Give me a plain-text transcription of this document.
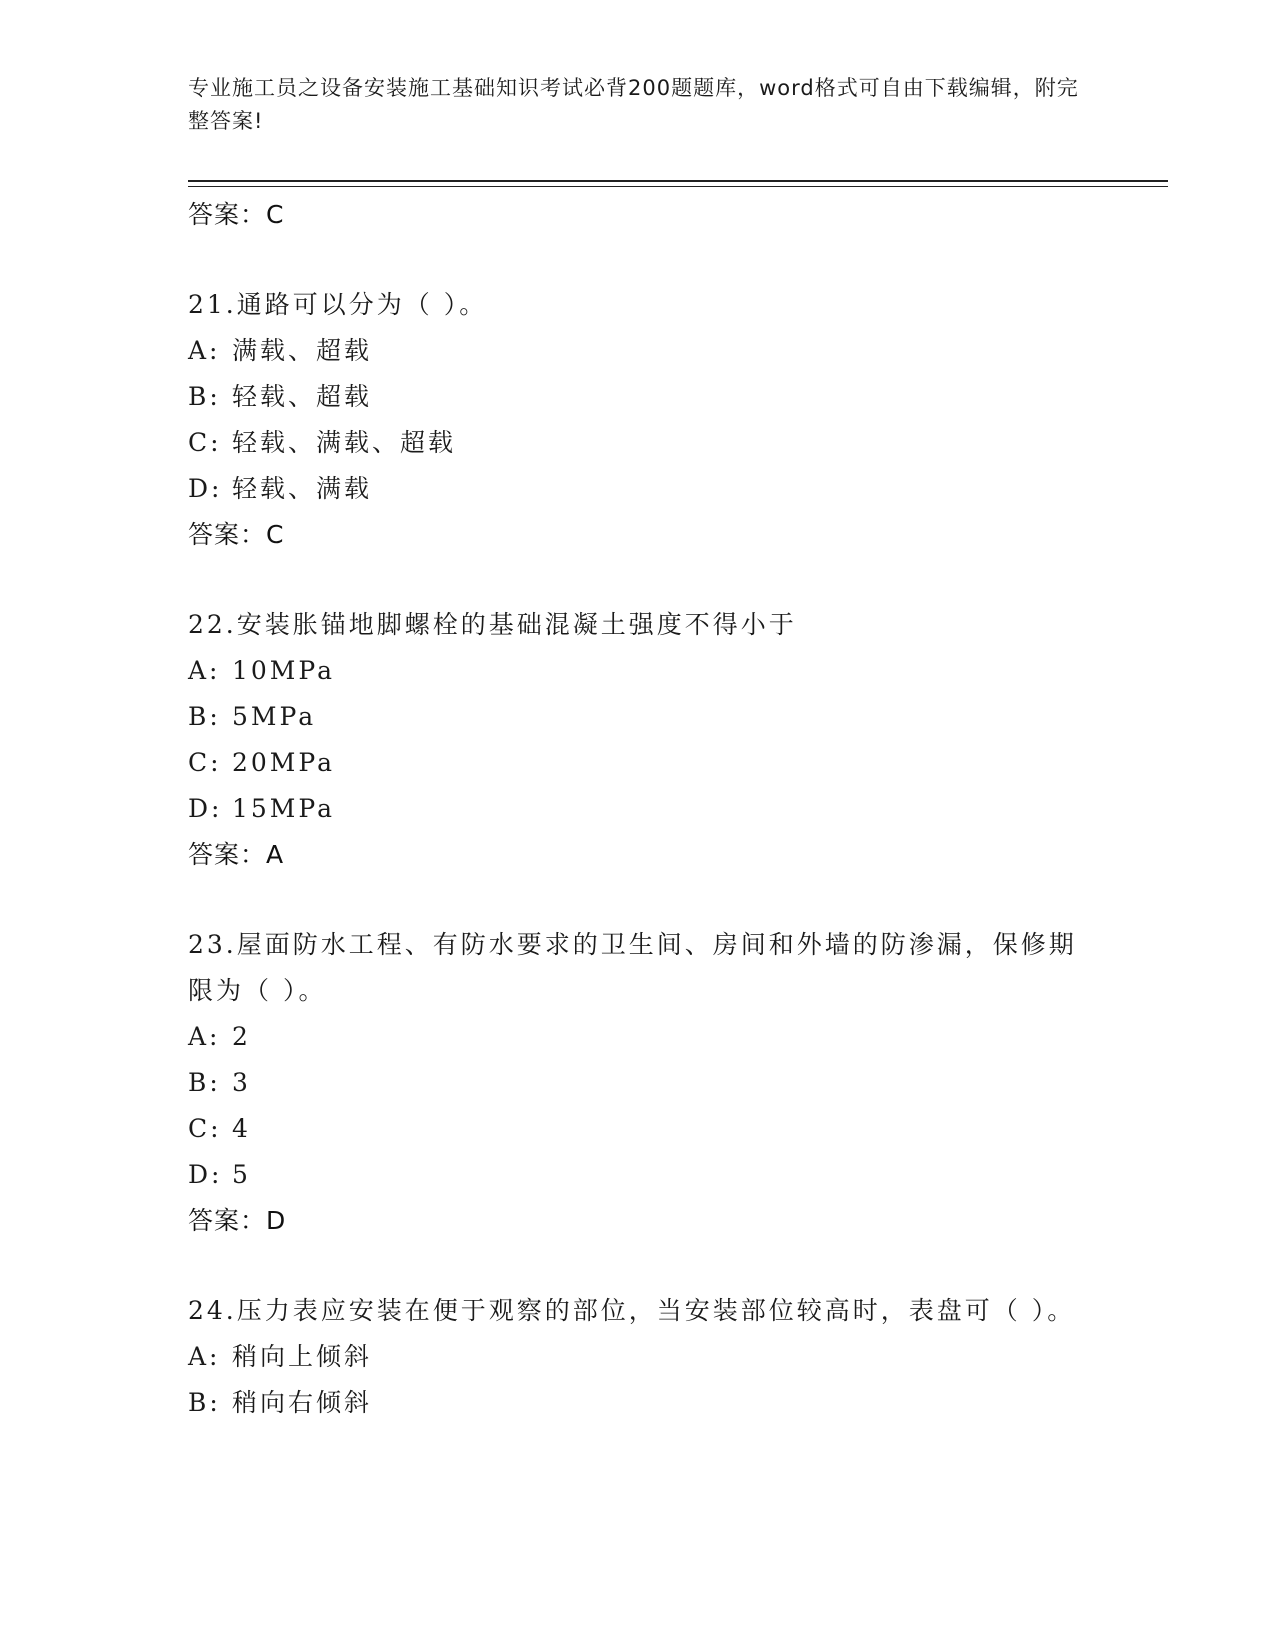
专业施工员之设备安装施工基础知识考试必背200题题库，word格式可自由下载编辑，附完整答案!
答案：C
21.通路可以分为（ ）。
A: 满载、超载
B: 轻载、超载
C: 轻载、满载、超载
D: 轻载、满载
答案：C
22.安装胀锚地脚螺栓的基础混凝土强度不得小于
A: 10MPa
B: 5MPa
C: 20MPa
D: 15MPa
答案：A
23.屋面防水工程、有防水要求的卫生间、房间和外墙的防渗漏，保修期限为（ ）。
A: 2
B: 3
C: 4
D: 5
答案：D
24.压力表应安装在便于观察的部位，当安装部位较高时，表盘可（ ）。
A: 稍向上倾斜
B: 稍向右倾斜
